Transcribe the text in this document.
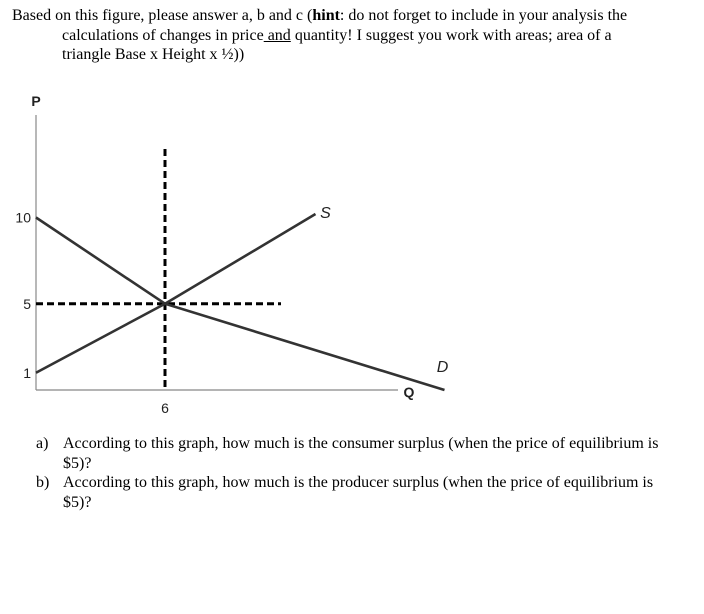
Based on this figure, please answer a, b and c (hint: do not forget to include in your analysis the
calculations of changes in price and quantity! I suggest you work with areas; area of a
triangle Base x Height x ½))
P
Q
10
5
1
6
S
D
a) According to this graph, how much is the consumer surplus (when the price of equilibrium is $5)?
b) According to this graph, how much is the producer surplus (when the price of equilibrium is $5)?
